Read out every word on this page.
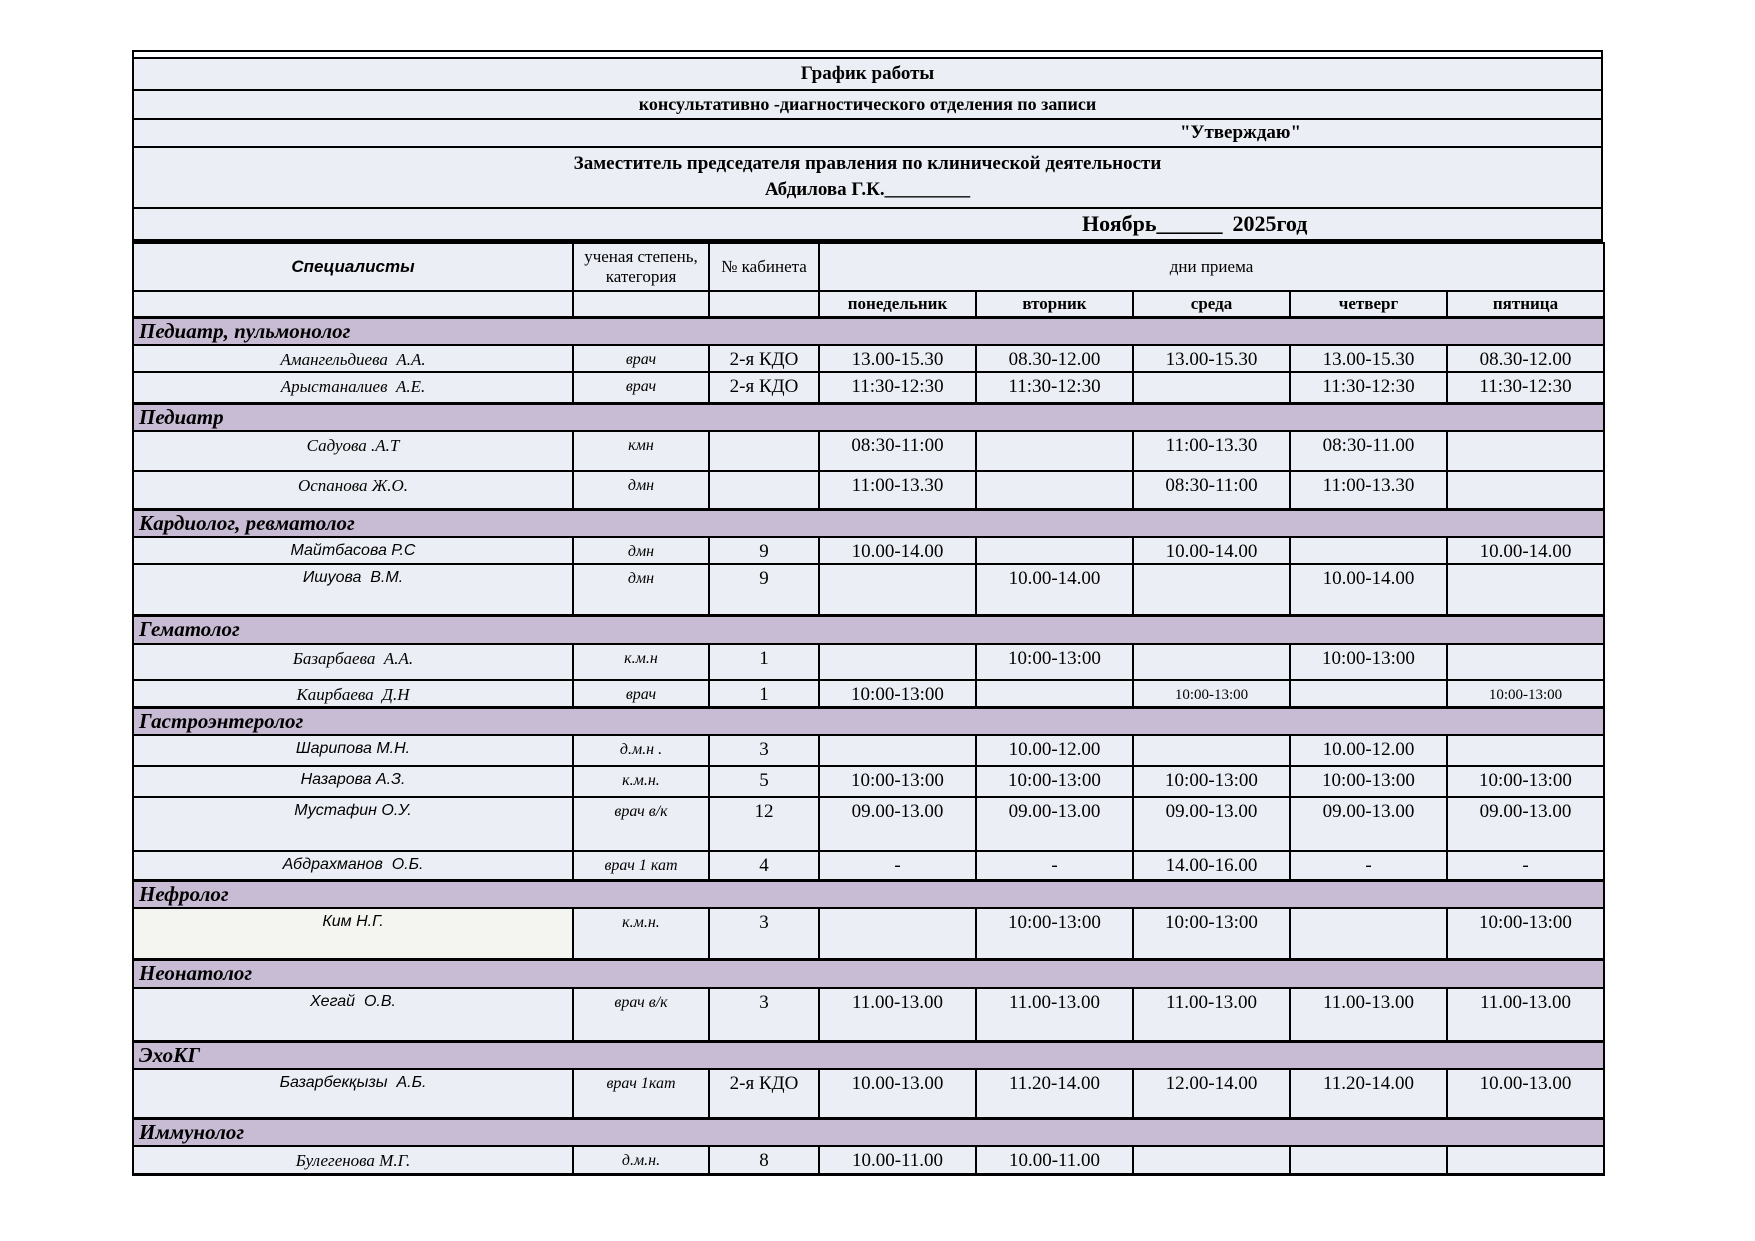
График работы
консультативно -диагностического отделения по записи
"Утверждаю"
Заместитель председателя правления по клинической деятельности
Абдилова Г.К._________
Ноябрь______ 2025год
Специалисты	ученая степень, категория	№ кабинета	дни приема				
			понедельник	вторник	среда	четверг	пятница
Педиатр, пульмонолог							
Амангельдиева  А.А.	врач	2-я КДО	13.00-15.30	08.30-12.00	13.00-15.30	13.00-15.30	08.30-12.00
Арыстаналиев  А.Е.	врач	2-я КДО	11:30-12:30	11:30-12:30		11:30-12:30	11:30-12:30
Педиатр							
Садуова .А.Т	кмн		08:30-11:00		11:00-13.30	08:30-11.00	
Оспанова Ж.О.	дмн		11:00-13.30		08:30-11:00	11:00-13.30	
Кардиолог, ревматолог							
Майтбасова Р.С	дмн	9	10.00-14.00		10.00-14.00		10.00-14.00
Ишуова  В.М.	дмн	9		10.00-14.00		10.00-14.00	
Гематолог							
Базарбаева  А.А.	к.м.н	1		10:00-13:00		10:00-13:00	
Каирбаева  Д.Н	врач	1	10:00-13:00		10:00-13:00		10:00-13:00
Гастроэнтеролог							
Шарипова М.Н.	д.м.н .	3		10.00-12.00		10.00-12.00	
Назарова А.З.	к.м.н.	5	10:00-13:00	10:00-13:00	10:00-13:00	10:00-13:00	10:00-13:00
Мустафин О.У.	врач в/к	12	09.00-13.00	09.00-13.00	09.00-13.00	09.00-13.00	09.00-13.00
Абдрахманов  О.Б.	врач 1 кат	4	-	-	14.00-16.00	-	-
Нефролог							
Ким Н.Г.	к.м.н.	3		10:00-13:00	10:00-13:00		10:00-13:00
Неонатолог							
Хегай  О.В.	врач в/к	3	11.00-13.00	11.00-13.00	11.00-13.00	11.00-13.00	11.00-13.00
ЭхоКГ							
Базарбекқызы  А.Б.	врач 1кат	2-я КДО	10.00-13.00	11.20-14.00	12.00-14.00	11.20-14.00	10.00-13.00
Иммунолог							
Булегенова М.Г.	д.м.н.	8	10.00-11.00	10.00-11.00			
